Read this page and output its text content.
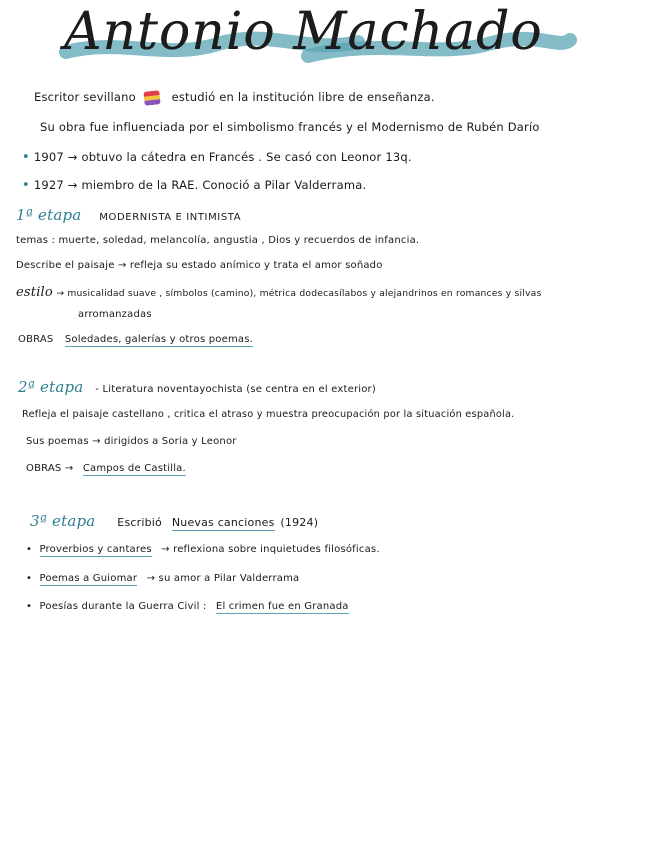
Antonio Machado
Escritor sevillano	estudió en la institución libre de enseñanza.
Su obra fue influenciada por el simbolismo francés y el Modernismo de Rubén Darío
• 1907 → obtuvo la cátedra en Francés . Se casó con Leonor 13q.
• 1927 → miembro de la RAE. Conoció a Pilar Valderrama.
1ª etapa MODERNISTA E INTIMISTA
temas : muerte, soledad, melancolía, angustia , Dios y recuerdos de infancia.
Describe el paisaje → refleja su estado anímico y trata el amor soñado
estilo → musicalidad suave , símbolos (camino), métrica dodecasílabos y alejandrinos en romances y silvas
arromanzadas
OBRAS Soledades, galerías y otros poemas.
2ª etapa - Literatura noventayochista (se centra en el exterior)
Refleja el paisaje castellano , critica el atraso y muestra preocupación por la situación española.
Sus poemas → dirigidos a Soria y Leonor
OBRAS → Campos de Castilla.
3ª etapa Escribió Nuevas canciones (1924)
• Proverbios y cantares → reflexiona sobre inquietudes filosóficas.
• Poemas a Guiomar → su amor a Pilar Valderrama
• Poesías durante la Guerra Civil : El crimen fue en Granada
